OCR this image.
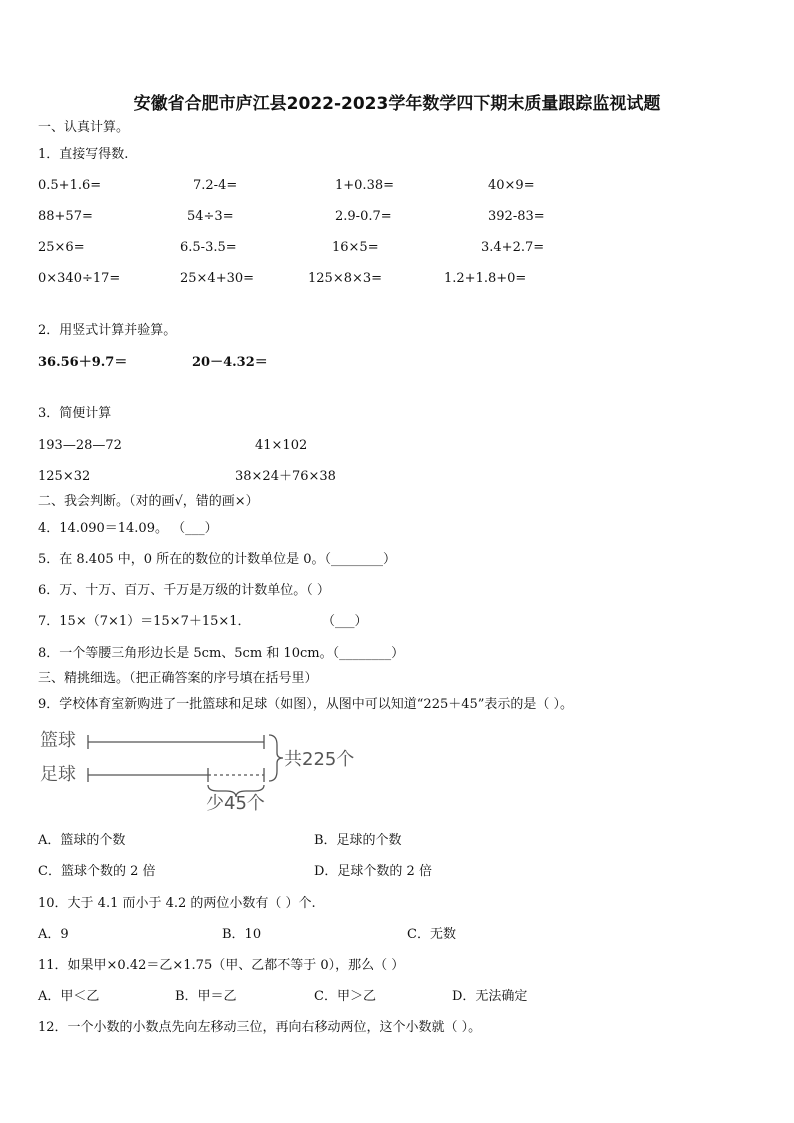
安徽省合肥市庐江县2022-2023学年数学四下期末质量跟踪监视试题
一、认真计算。
1．直接写得数.
0.5+1.6=	7.2-4=	1+0.38=	40×9=
88+57=	54÷3=	2.9-0.7=	392-83=
25×6=	6.5-3.5=	16×5=	3.4+2.7=
0×340÷17=	25×4+30=	125×8×3=	1.2+1.8+0=
2．用竖式计算并验算。
36.56＋9.7＝	20－4.32＝
3．简便计算
193—28—72	41×102
125×32	38×24＋76×38
二、我会判断。（对的画√，错的画×）
4．14.090＝14.09。 （___）
5．在 8.405 中，0 所在的数位的计数单位是 0。（________）
6．万、十万、百万、千万是万级的计数单位。（ ）
7．15×（7×1）＝15×7＋15×1．	（___）
8．一个等腰三角形边长是 5cm、5cm 和 10cm。（________）
三、精挑细选。（把正确答案的序号填在括号里）
9．学校体育室新购进了一批篮球和足球（如图），从图中可以知道“225＋45”表示的是（ ）。
篮球
足球
共225个
少45个
A．篮球的个数	B．足球的个数
C．篮球个数的 2 倍	D．足球个数的 2 倍
10．大于 4.1 而小于 4.2 的两位小数有（ ）个.
A．9	B．10	C．无数
11．如果甲×0.42＝乙×1.75（甲、乙都不等于 0），那么（ ）
A．甲＜乙	B．甲＝乙	C．甲＞乙	D．无法确定
12．一个小数的小数点先向左移动三位，再向右移动两位，这个小数就（ ）。
